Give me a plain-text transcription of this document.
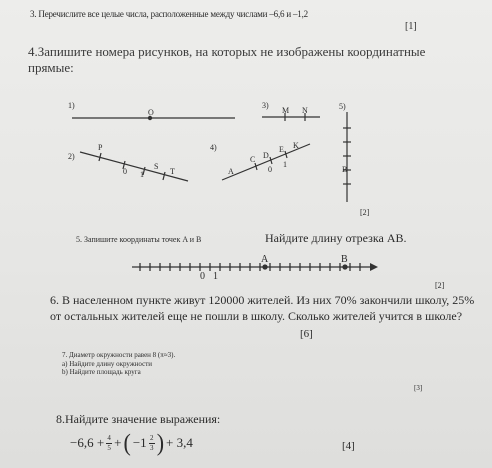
3. Перечислите все целые числа, расположенные между числами –6,6 и –1,2
[1]
4.Запишите номера рисунков, на которых не изображены координатные прямые:
1)
O
2)
P
0 1
S
T
3)
M N
4)
A
C D
E K
0
1
5)
B
[2]
5. Запишите координаты точек A и B	Найдите длину отрезка AB.
A	B
0 1
[2]
6. В населенном пункте живут 120000 жителей. Из них 70% закончили школу, 25% от остальных жителей еще не пошли в школу. Сколько жителей учится в школе?
[6]
7. Диаметр окружности равен 8 (π≈3).
a) Найдите длину окружности
b) Найдите площадь круга
[3]
8.Найдите значение выражения:
$-6,6 + \frac{4}{5}$ + ( $-1 \frac{2}{3}$ ) + 3,4	[4]
